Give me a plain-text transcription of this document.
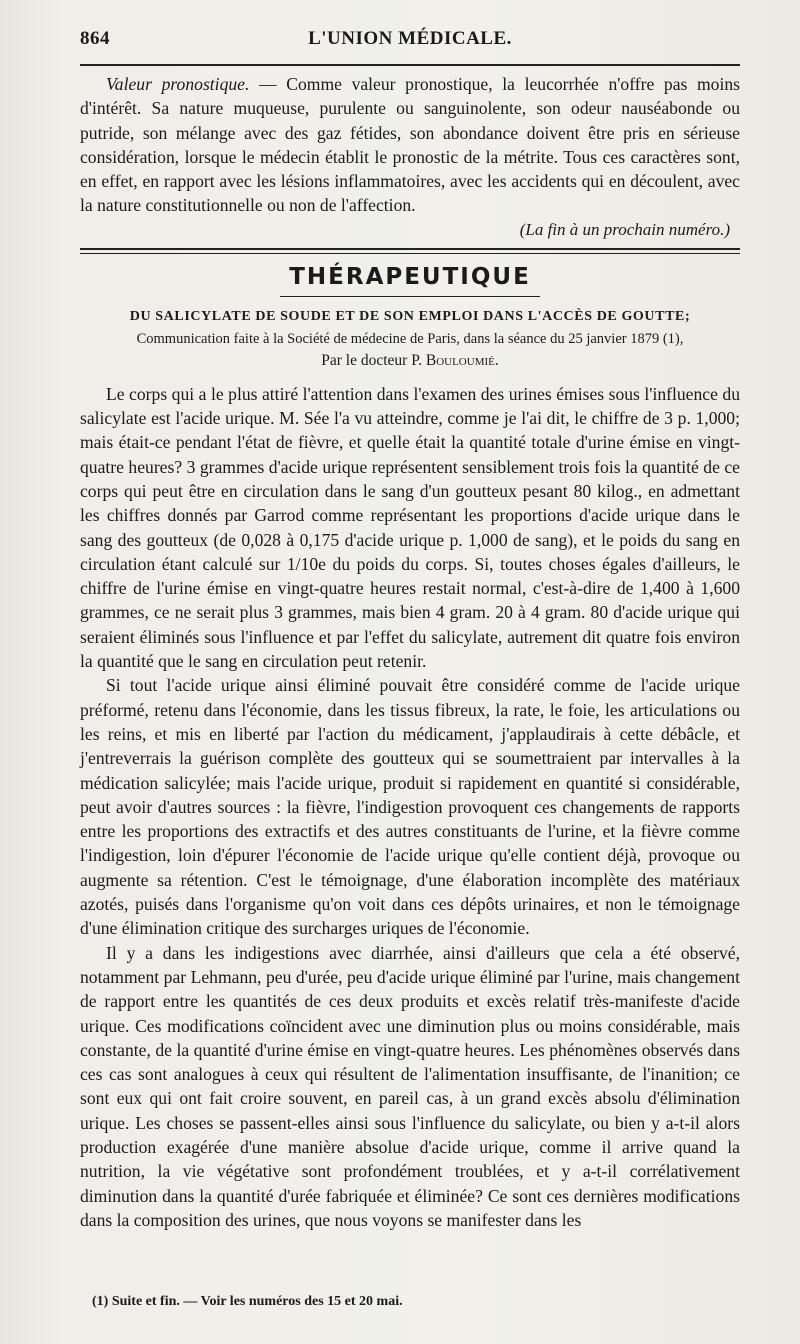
864	L'UNION MÉDICALE.

Valeur pronostique. — Comme valeur pronostique, la leucorrhée n'offre pas moins d'intérêt. Sa nature muqueuse, purulente ou sanguinolente, son odeur nauséabonde ou putride, son mélange avec des gaz fétides, son abondance doivent être pris en sérieuse considération, lorsque le médecin établit le pronostic de la métrite. Tous ces caractères sont, en effet, en rapport avec les lésions inflammatoires, avec les accidents qui en découlent, avec la nature constitutionnelle ou non de l'affection.

(La fin à un prochain numéro.)
THÉRAPEUTIQUE
DU SALICYLATE DE SOUDE ET DE SON EMPLOI DANS L'ACCÈS DE GOUTTE;
Communication faite à la Société de médecine de Paris, dans la séance du 25 janvier 1879 (1),
Par le docteur P. Bouloumié.

Le corps qui a le plus attiré l'attention dans l'examen des urines émises sous l'influence du salicylate est l'acide urique. M. Sée l'a vu atteindre, comme je l'ai dit, le chiffre de 3 p. 1,000; mais était-ce pendant l'état de fièvre, et quelle était la quantité totale d'urine émise en vingt-quatre heures? 3 grammes d'acide urique représentent sensiblement trois fois la quantité de ce corps qui peut être en circulation dans le sang d'un goutteux pesant 80 kilog., en admettant les chiffres donnés par Garrod comme représentant les proportions d'acide urique dans le sang des goutteux (de 0,028 à 0,175 d'acide urique p. 1,000 de sang), et le poids du sang en circulation étant calculé sur 1/10e du poids du corps. Si, toutes choses égales d'ailleurs, le chiffre de l'urine émise en vingt-quatre heures restait normal, c'est-à-dire de 1,400 à 1,600 grammes, ce ne serait plus 3 grammes, mais bien 4 gram. 20 à 4 gram. 80 d'acide urique qui seraient éliminés sous l'influence et par l'effet du salicylate, autrement dit quatre fois environ la quantité que le sang en circulation peut retenir.

Si tout l'acide urique ainsi éliminé pouvait être considéré comme de l'acide urique préformé, retenu dans l'économie, dans les tissus fibreux, la rate, le foie, les articulations ou les reins, et mis en liberté par l'action du médicament, j'applaudirais à cette débâcle, et j'entreverrais la guérison complète des goutteux qui se soumettraient par intervalles à la médication salicylée; mais l'acide urique, produit si rapidement en quantité si considérable, peut avoir d'autres sources : la fièvre, l'indigestion provoquent ces changements de rapports entre les proportions des extractifs et des autres constituants de l'urine, et la fièvre comme l'indigestion, loin d'épurer l'économie de l'acide urique qu'elle contient déjà, provoque ou augmente sa rétention. C'est le témoignage, d'une élaboration incomplète des matériaux azotés, puisés dans l'organisme qu'on voit dans ces dépôts urinaires, et non le témoignage d'une élimination critique des surcharges uriques de l'économie.

Il y a dans les indigestions avec diarrhée, ainsi d'ailleurs que cela a été observé, notamment par Lehmann, peu d'urée, peu d'acide urique éliminé par l'urine, mais changement de rapport entre les quantités de ces deux produits et excès relatif très-manifeste d'acide urique. Ces modifications coïncident avec une diminution plus ou moins considérable, mais constante, de la quantité d'urine émise en vingt-quatre heures. Les phénomènes observés dans ces cas sont analogues à ceux qui résultent de l'alimentation insuffisante, de l'inanition; ce sont eux qui ont fait croire souvent, en pareil cas, à un grand excès absolu d'élimination urique. Les choses se passent-elles ainsi sous l'influence du salicylate, ou bien y a-t-il alors production exagérée d'une manière absolue d'acide urique, comme il arrive quand la nutrition, la vie végétative sont profondément troublées, et y a-t-il corrélativement diminution dans la quantité d'urée fabriquée et éliminée? Ce sont ces dernières modifications dans la composition des urines, que nous voyons se manifester dans les

(1) Suite et fin. — Voir les numéros des 15 et 20 mai.
